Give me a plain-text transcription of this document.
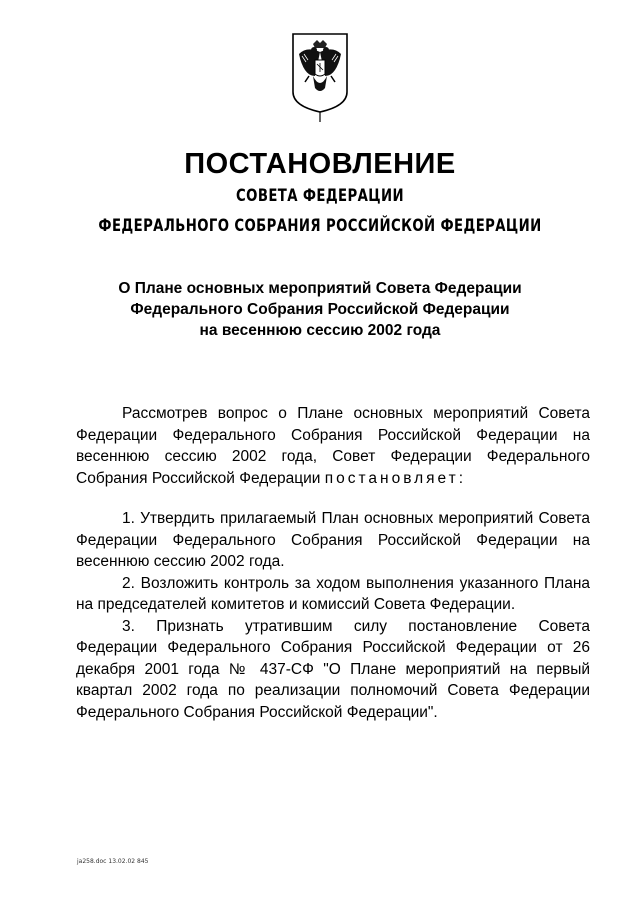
ПОСТАНОВЛЕНИЕ
СОВЕТА ФЕДЕРАЦИИ
ФЕДЕРАЛЬНОГО СОБРАНИЯ РОССИЙСКОЙ ФЕДЕРАЦИИ
О Плане основных мероприятий Совета Федерации
Федерального Собрания Российской Федерации
на весеннюю сессию 2002 года

Рассмотрев вопрос о Плане основных мероприятий Совета Федерации Федерального Собрания Российской Федерации на весеннюю сессию 2002 года, Совет Федерации Федерального Собрания Российской Федерации постановляет:

1. Утвердить прилагаемый План основных мероприятий Совета Федерации Федерального Собрания Российской Федерации на весеннюю сессию 2002 года.

2. Возложить контроль за ходом выполнения указанного Плана на председателей комитетов и комиссий Совета Федерации.

3. Признать утратившим силу постановление Совета Федерации Федерального Собрания Российской Федерации от 26 декабря 2001 года № 437-СФ "О Плане мероприятий на первый квартал 2002 года по реализации полномочий Совета Федерации Федерального Собрания Российской Федерации".

ja258.doc 13.02.02 845
